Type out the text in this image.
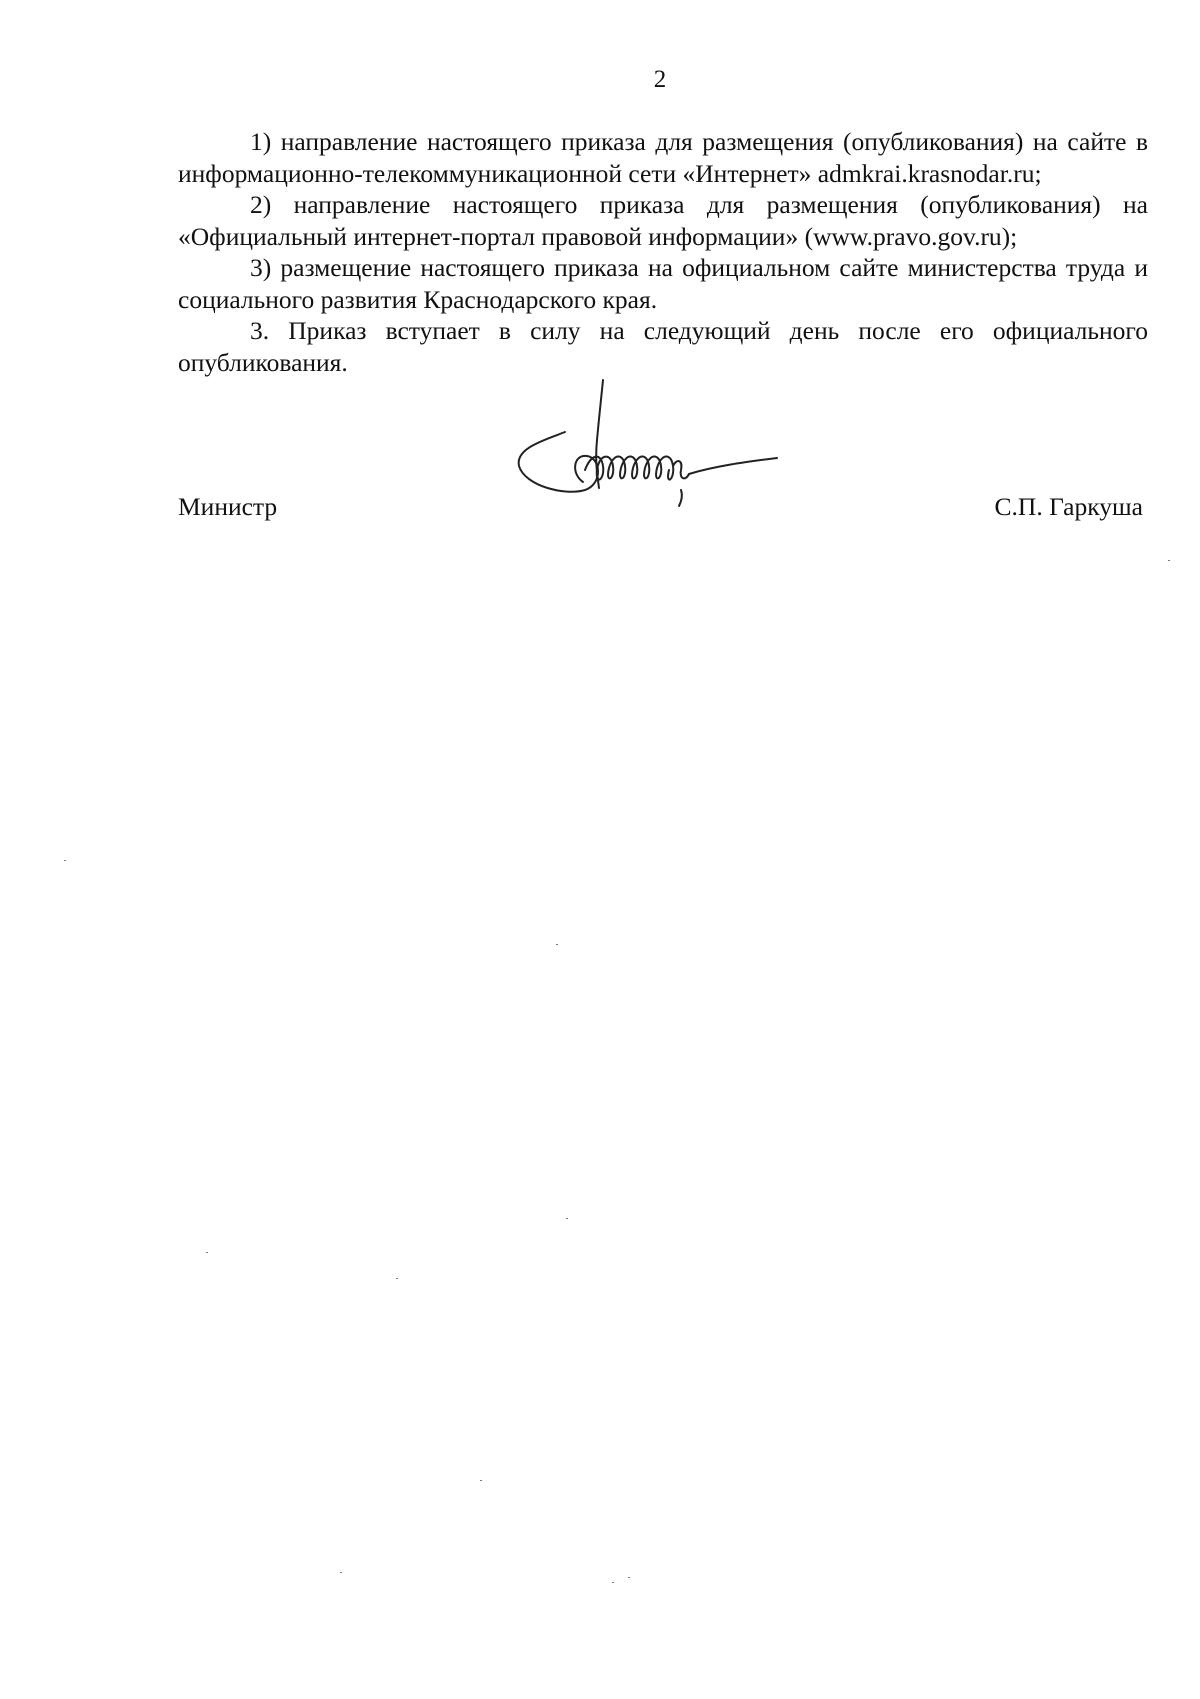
2

1) направление настоящего приказа для размещения (опубликования) на сайте в информационно-телекоммуникационной сети «Интернет» admkrai.krasnodar.ru;

2) направление настоящего приказа для размещения (опубликования) на «Официальный интернет-портал правовой информации» (www.pravo.gov.ru);

3) размещение настоящего приказа на официальном сайте министерства труда и социального развития Краснодарского края.

3. Приказ вступает в силу на следующий день после его официального опубликования.

Министр	С.П. Гаркуша
